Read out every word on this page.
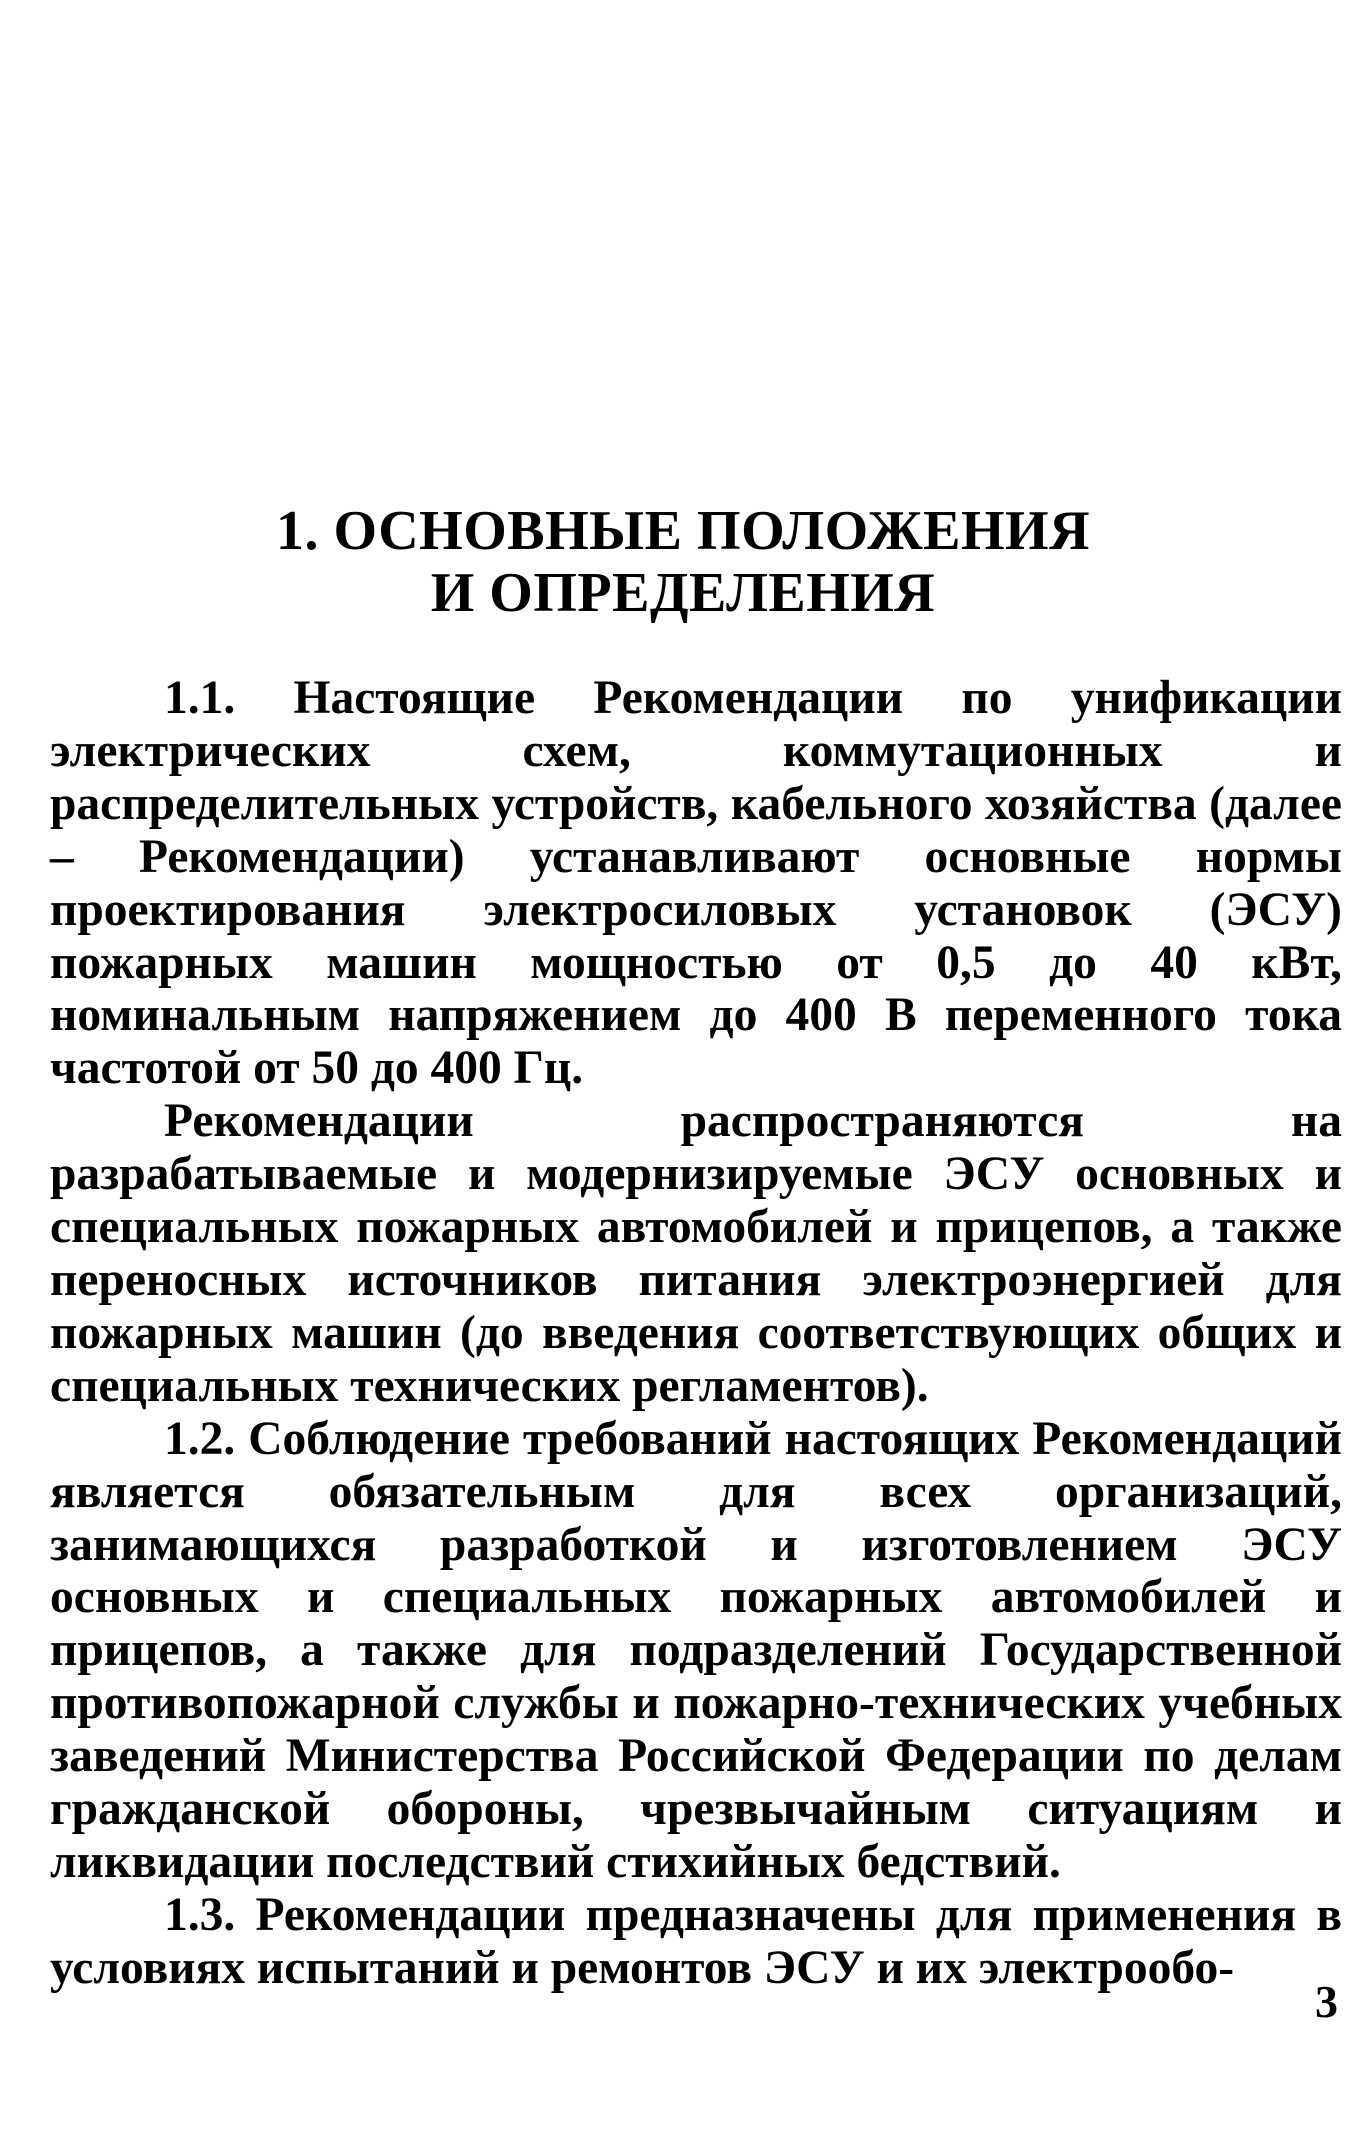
1. ОСНОВНЫЕ ПОЛОЖЕНИЯ
И ОПРЕДЕЛЕНИЯ

1.1. Настоящие Рекомендации по унификации электрических схем, коммутационных и распределительных устройств, кабельного хозяйства (далее – Рекомендации) устанавливают основные нормы проектирования электросиловых установок (ЭСУ) пожарных машин мощностью от 0,5 до 40 кВт, номинальным напряжением до 400 В переменного тока частотой от 50 до 400 Гц.

Рекомендации распространяются на разрабатываемые и модернизируемые ЭСУ основных и специальных пожарных автомобилей и прицепов, а также переносных источников питания электроэнергией для пожарных машин (до введения соответствующих общих и специальных технических регламентов).

1.2. Соблюдение требований настоящих Рекомендаций является обязательным для всех организаций, занимающихся разработкой и изготовлением ЭСУ основных и специальных пожарных автомобилей и прицепов, а также для подразделений Государственной противопожарной службы и пожарно-технических учебных заведений Министерства Российской Федерации по делам гражданской обороны, чрезвычайным ситуациям и ликвидации последствий стихийных бедствий.

1.3. Рекомендации предназначены для применения в условиях испытаний и ремонтов ЭСУ и их электрообо-

3
